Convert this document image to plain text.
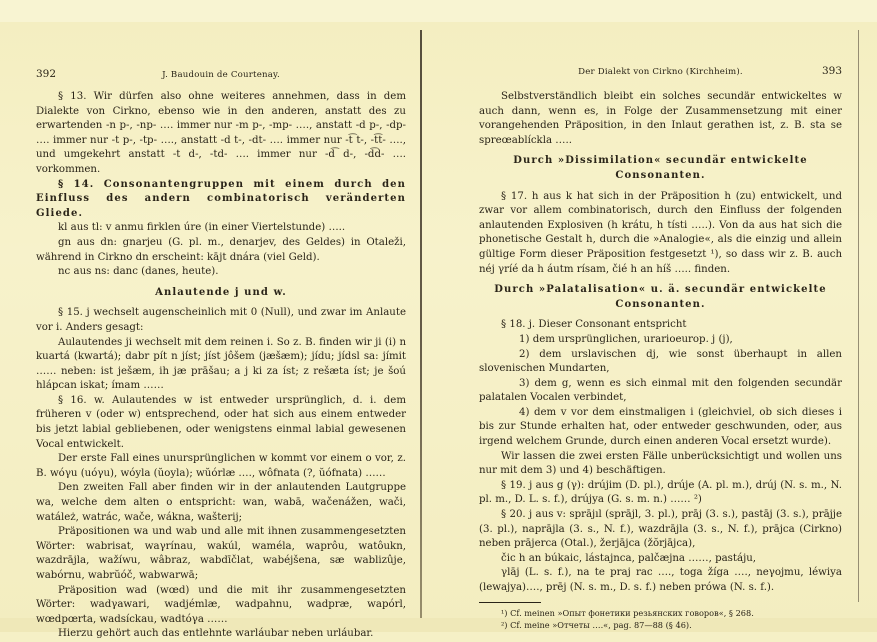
392	J. Baudouin de Courtenay.

§ 13. Wir dürfen also ohne weiteres annehmen, dass in dem Dialekte von Cirkno, ebenso wie in den anderen, anstatt des zu erwartenden -n p-, -np- …. immer nur -m p-, -mp- …., anstatt -d p-, -dp- …. immer nur -t p-, -tp- …., anstatt -d t-, -dt- …. immer nur -t͡ t-, -t͡t- …., und umgekehrt anstatt -t d-, -td- …. immer nur -d͡ d-, -d͡d- …. vorkommen.

§ 14. Consonantengruppen mit einem durch den Einfluss des andern combinatorisch veränderten Gliede.

kl aus tl: v anmu firklen úre (in einer Viertelstunde) …..

gn aus dn: gnarjeu (G. pl. m., denarjev, des Geldes) in Otaleži, während in Cirkno dn erscheint: kājt dnára (viel Geld).

nc aus ns: danc (danes, heute).

Anlautende j und w.

§ 15. j wechselt augenscheinlich mit 0 (Null), und zwar im Anlaute vor i. Anders gesagt:

Aulautendes ji wechselt mit dem reinen i. So z. B. finden wir ji (i) n kuartá (kwartá); dabr pít n jíst; jíst jôšem (jæšæm); jídu; jídsl sa: jímit …… neben: ist ješæm, ih jæ prāšau; a j ki za íst; z rešæta íst; je šoú hlápcan iskat; ímam ……

§ 16. w. Aulautendes w ist entweder ursprünglich, d. i. dem früheren v (oder w) entsprechend, oder hat sich aus einem entweder bis jetzt labial gebliebenen, oder wenigstens einmal labial gewesenen Vocal entwickelt.

Der erste Fall eines unursprünglichen w kommt vor einem o vor, z. B. wóγu (uóγu), wóyla (ŭoyla); wŭórlæ …., wôfnata (?, ŭófnata) ……

Den zweiten Fall aber finden wir in der anlautenden Lautgruppe wa, welche dem alten o entspricht: wan, wabā, wačenážen, wači, watáleż, watrác, wače, wákna, wašterij;

Präpositionen wa und wab und alle mit ihnen zusammengesetzten Wörter: wabrisat, waγrínau, wakúl, waméla, waprôu, watôukn, wazdrājla, wažíwu, wâbraz, wabdīčlat, wabéjšena, sæ wablizûje, wabórnu, wabrŭóč, wabwarwā;

Präposition wad (wœd) und die mit ihr zusammengesetzten Wörter: wadγawari, wadjémlæ, wadpahnu, wadpræ, wapórl, wœdpœrta, wadsíckau, wadtóγa ……

Hierzu gehört auch das entlehnte warláubar neben urláubar.

Der Dialekt von Cirkno (Kirchheim).	393

Selbstverständlich bleibt ein solches secundär entwickeltes w auch dann, wenn es, in Folge der Zusammensetzung mit einer vorangehenden Präposition, in den Inlaut gerathen ist, z. B. sta se spreœablíckla …..

Durch »Dissimilation« secundär entwickelte Consonanten.

§ 17. h aus k hat sich in der Präposition h (zu) entwickelt, und zwar vor allem combinatorisch, durch den Einfluss der folgenden anlautenden Explosiven (h krátu, h tísti …..). Von da aus hat sich die phonetische Gestalt h, durch die »Analogie«, als die einzig und allein gültige Form dieser Präposition festgesetzt ¹), so dass wir z. B. auch néj γríé da h áutm rísam, čié h an híš ….. finden.

Durch »Palatalisation« u. ä. secundär entwickelte Consonanten.

§ 18. j. Dieser Consonant entspricht

1) dem ursprünglichen, urarioeurop. j (j),

2) dem urslavischen dj, wie sonst überhaupt in allen slovenischen Mundarten,

3) dem g, wenn es sich einmal mit den folgenden secundär palatalen Vocalen verbindet,

4) dem v vor dem einstmaligen i (gleichviel, ob sich dieses i bis zur Stunde erhalten hat, oder entweder geschwunden, oder, aus irgend welchem Grunde, durch einen anderen Vocal ersetzt wurde).

Wir lassen die zwei ersten Fälle unberücksichtigt und wollen uns nur mit dem 3) und 4) beschäftigen.

§ 19. j aus g (γ): drújim (D. pl.), drúje (A. pl. m.), drúj (N. s. m., N. pl. m., D. L. s. f.), drújya (G. s. m. n.) …… ²)

§ 20. j aus v: sprājıl (sprājl, 3. pl.), prāj (3. s.), pastāj (3. s.), prājje (3. pl.), naprājla (3. s., N. f.), wazdrājla (3. s., N. f.), prājca (Cirkno) neben prājerca (Otal.), žerjājca (žŏrjājca),

čic h an búkaic, lástajnca, palčæjna ……, pastáju,

γlāj (L. s. f.), na te praj rac …., toga žíga …., neγojmu, léwiya (lewajya)…., prēj (N. s. m., D. s. f.) neben prówa (N. s. f.).

¹) Cf. meinen »Опыт фонетики резьянских говоров«, § 268.

²) Cf. meine »Отчеты ….«, pag. 87—88 (§ 46).
